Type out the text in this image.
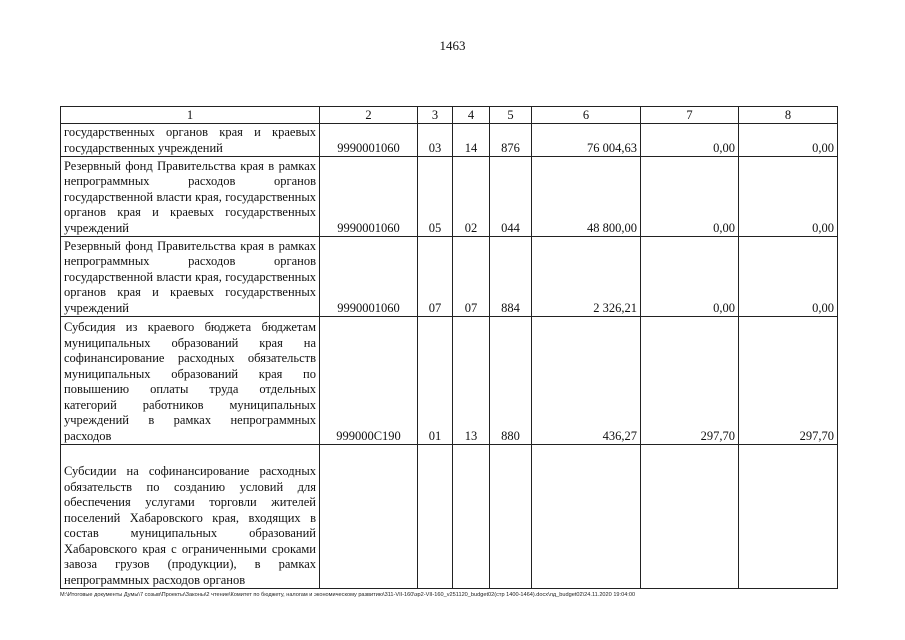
1463
1	2	3	4	5	6	7	8
государственных органов края и краевых государственных учреждений	9990001060	03	14	876	76 004,63	0,00	0,00
Резервный фонд Правительства края в рамках непрограммных расходов органов государственной власти края, государственных органов края и краевых государственных учреждений	9990001060	05	02	044	48 800,00	0,00	0,00
Резервный фонд Правительства края в рамках непрограммных расходов органов государственной власти края, государственных органов края и краевых государственных учреждений	9990001060	07	07	884	2 326,21	0,00	0,00
Субсидия из краевого бюджета бюджетам муниципальных образований края на софинансирование расходных обязательств муниципальных образований края по повышению оплаты труда отдельных категорий работников муниципальных учреждений в рамках непрограммных расходов	999000С190	01	13	880	436,27	297,70	297,70
Субсидии на софинансирование расходных обязательств по созданию условий для обеспечения услугами торговли жителей поселений Хабаровского края, входящих в состав муниципальных образований Хабаровского края с ограниченными сроками завоза грузов (продукции), в рамках непрограммных расходов органов							
M:\Итоговые документы Думы\7 созыв\Проекты\Законы\2 чтение\Комитет по бюджету, налогам и экономическому развитию\311-VII-160\зр2-VII-160_v251120_budget02(стр 1400-1464).docx\лд_budget02\24.11.2020 19:04:00
